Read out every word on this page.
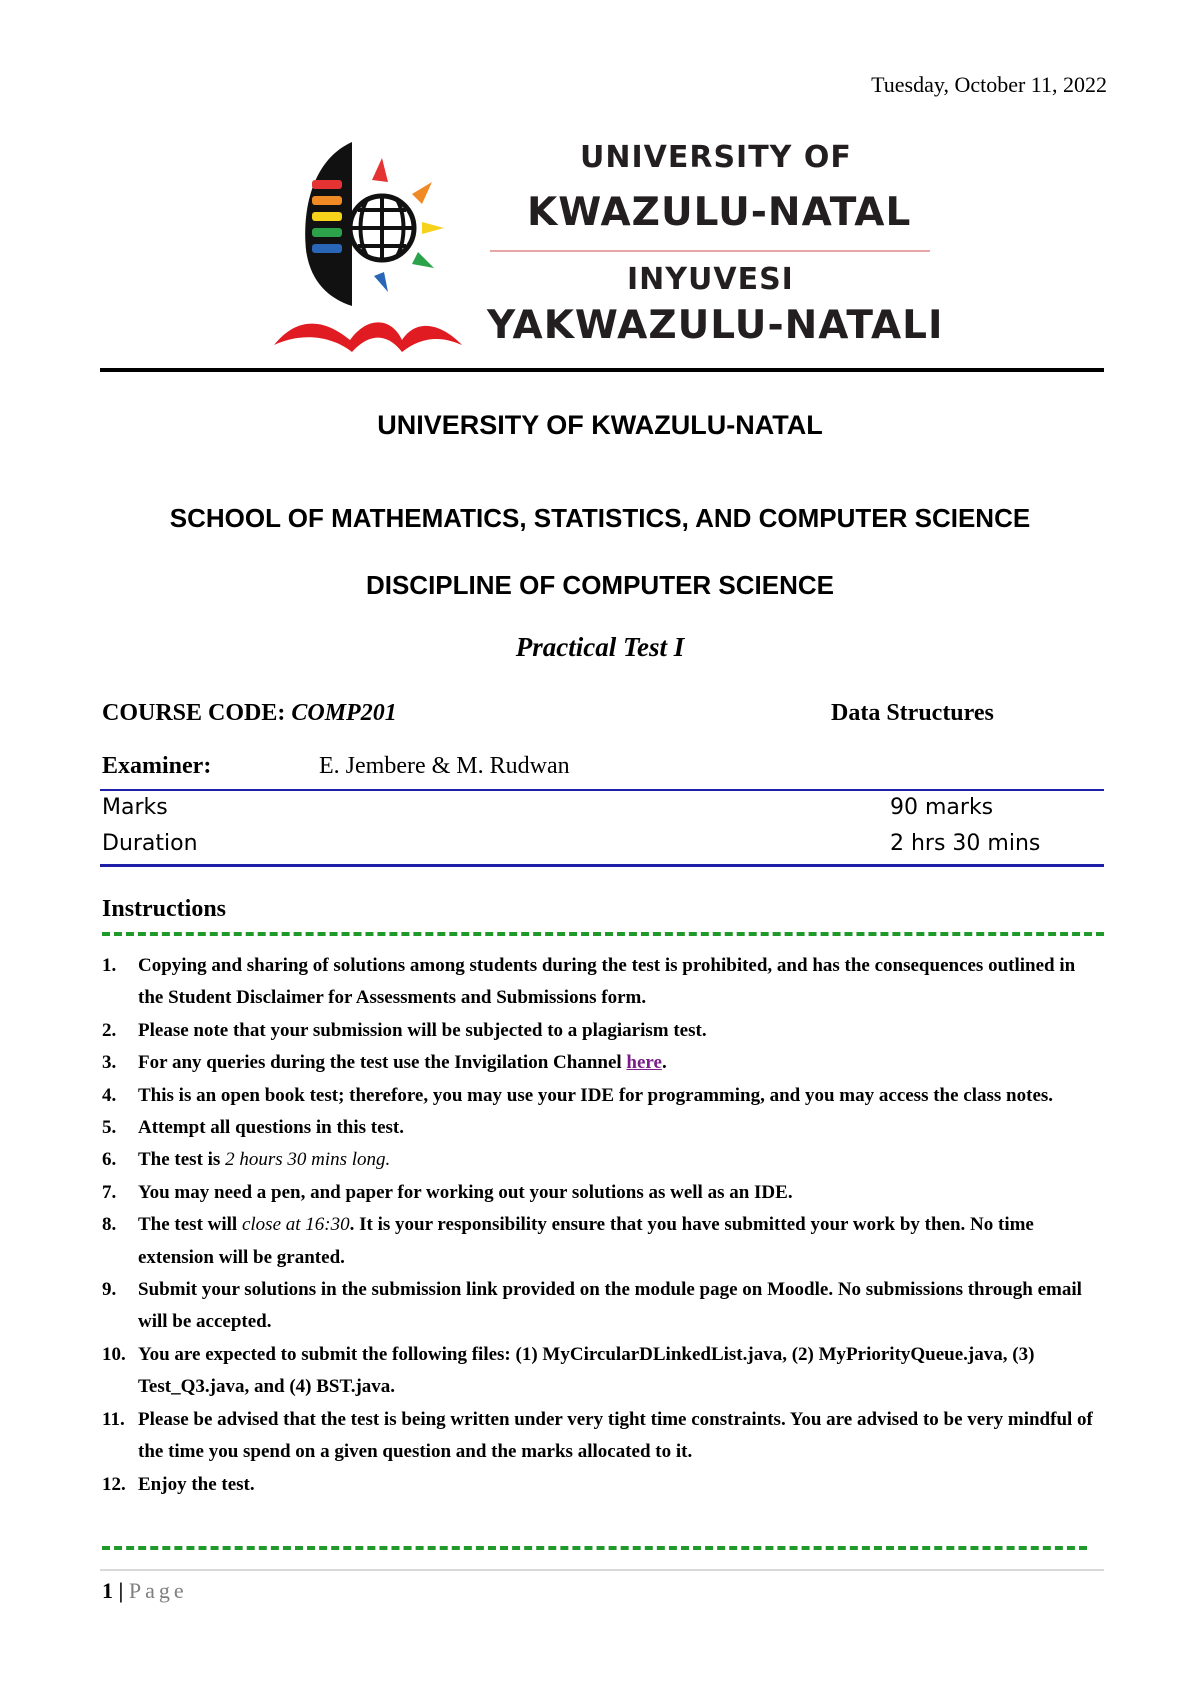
Tuesday, October 11, 2022
UNIVERSITY OF
KWAZULU-NATAL
INYUVESI
YAKWAZULU-NATALI
UNIVERSITY OF KWAZULU-NATAL
SCHOOL OF MATHEMATICS, STATISTICS, AND COMPUTER SCIENCE
DISCIPLINE OF COMPUTER SCIENCE
Practical Test I
COURSE CODE: COMP201	Data Structures
Examiner:	E. Jembere & M. Rudwan
Marks	90 marks
Duration	2 hrs 30 mins
Instructions
1.	Copying and sharing of solutions among students during the test is prohibited, and has the consequences outlined in the Student Disclaimer for Assessments and Submissions form.
2.	Please note that your submission will be subjected to a plagiarism test.
3.	For any queries during the test use the Invigilation Channel here.
4.	This is an open book test; therefore, you may use your IDE for programming, and you may access the class notes.
5.	Attempt all questions in this test.
6.	The test is 2 hours 30 mins long.
7.	You may need a pen, and paper for working out your solutions as well as an IDE.
8.	The test will close at 16:30. It is your responsibility ensure that you have submitted your work by then. No time extension will be granted.
9.	Submit your solutions in the submission link provided on the module page on Moodle. No submissions through email will be accepted.
10. You are expected to submit the following files: (1) MyCircularDLinkedList.java, (2) MyPriorityQueue.java, (3) Test_Q3.java, and (4) BST.java.
11. Please be advised that the test is being written under very tight time constraints. You are advised to be very mindful of the time you spend on a given question and the marks allocated to it.
12. Enjoy the test.
1 | Page
